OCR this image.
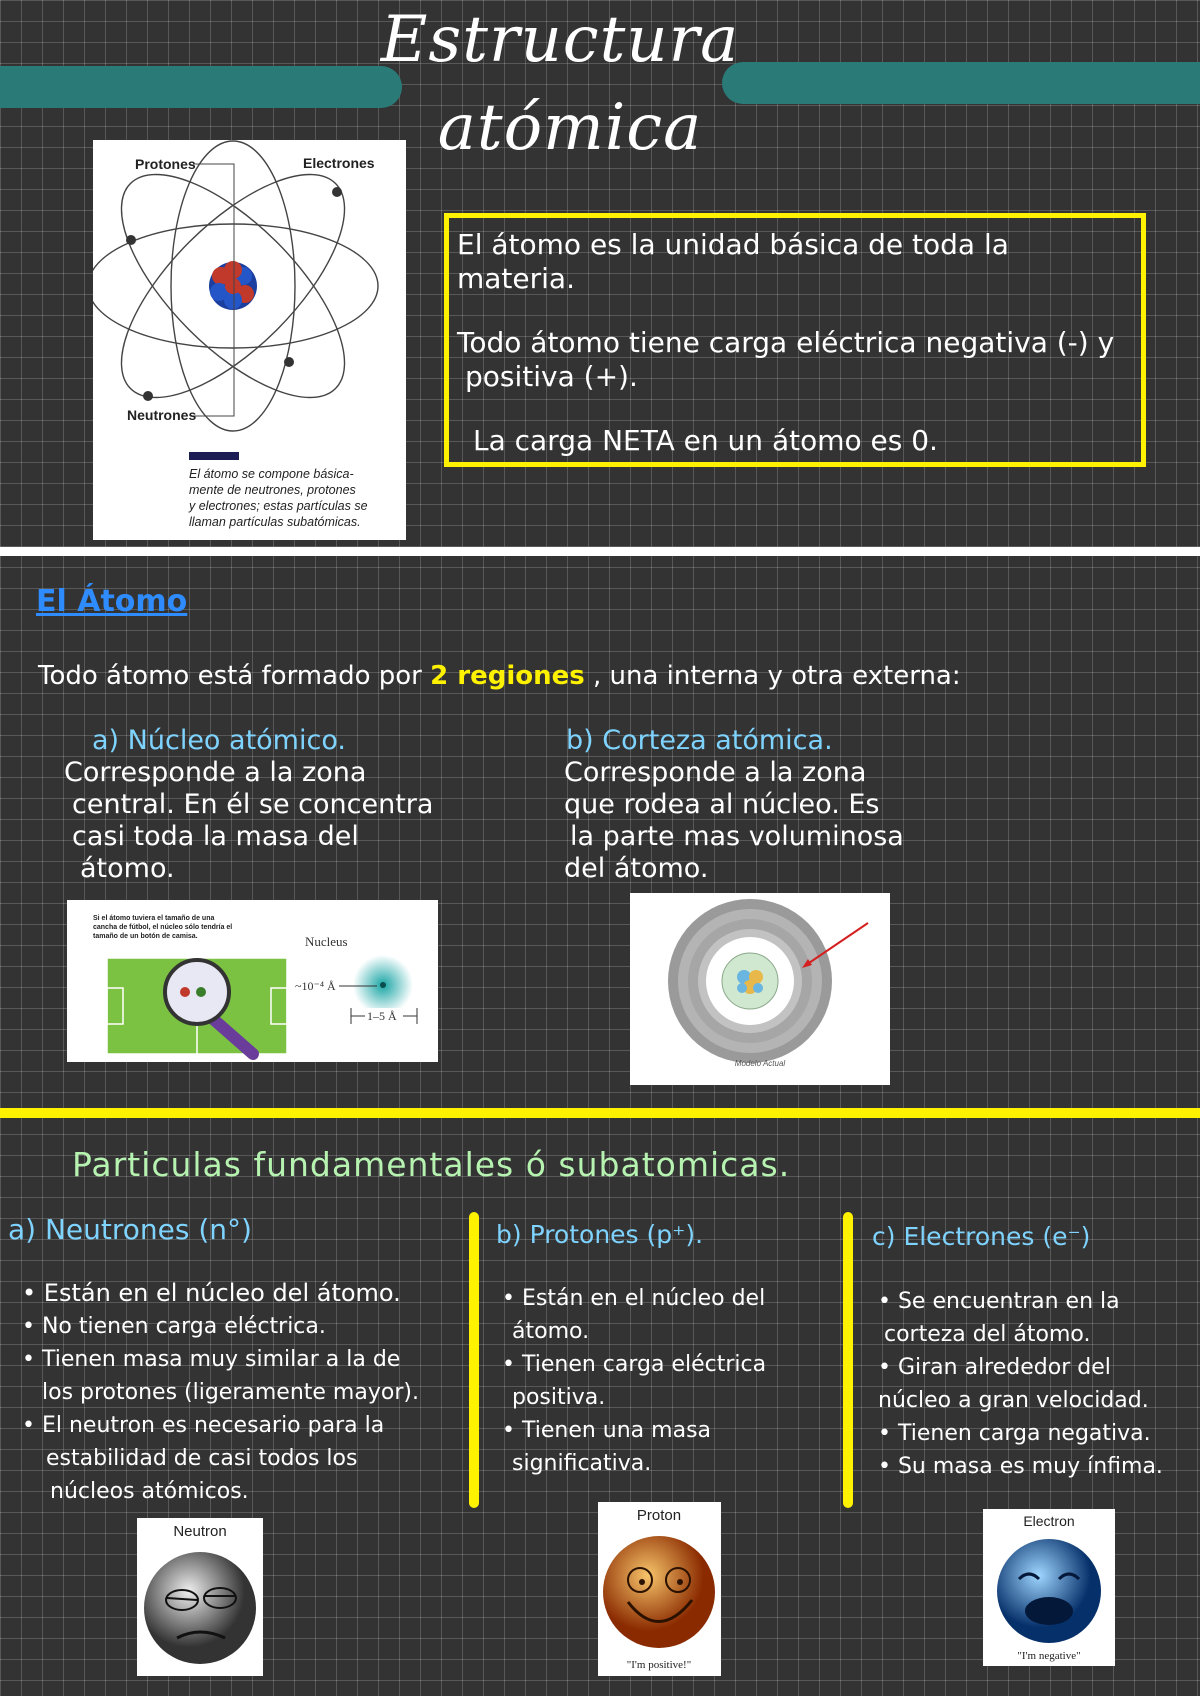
Estructura
atómica
Protones	Electrones
Neutrones
El átomo se compone básica-
mente de neutrones, protones
y electrones; estas partículas se
llaman partículas subatómicas.

El átomo es la unidad básica de toda la

materia.

Todo átomo tiene carga eléctrica negativa (-) y

positiva (+).

La carga NETA en un átomo es 0.

El Átomo
Todo átomo está formado por 2 regiones , una interna y otra externa:
a) Núcleo atómico.
Corresponde a la zona
central. En él se concentra
casi toda la masa del
átomo.
b) Corteza atómica.
Corresponde a la zona
que rodea al núcleo. Es
la parte mas voluminosa
del átomo.
Si el átomo tuviera el tamaño de una
cancha de fútbol, el núcleo sólo tendría el
tamaño de un botón de camisa.	Nucleus
~10⁻⁴ Å
1–5 Å
Modelo Actual
Particulas fundamentales ó subatomicas.
a) Neutrones (n°)
• Están en el núcleo del átomo.
• No tienen carga eléctrica.
• Tienen masa muy similar a la de
los protones (ligeramente mayor).
• El neutron es necesario para la
estabilidad de casi todos los
núcleos atómicos.
b) Protones (p⁺).
• Están en el núcleo del
átomo.
• Tienen carga eléctrica
positiva.
• Tienen una masa
significativa.
c) Electrones (e⁻)
• Se encuentran en la
corteza del átomo.
• Giran alrededor del
núcleo a gran velocidad.
• Tienen carga negativa.
• Su masa es muy ínfima.
Neutron
Proton
"I'm positive!"
Electron
"I'm negative"
